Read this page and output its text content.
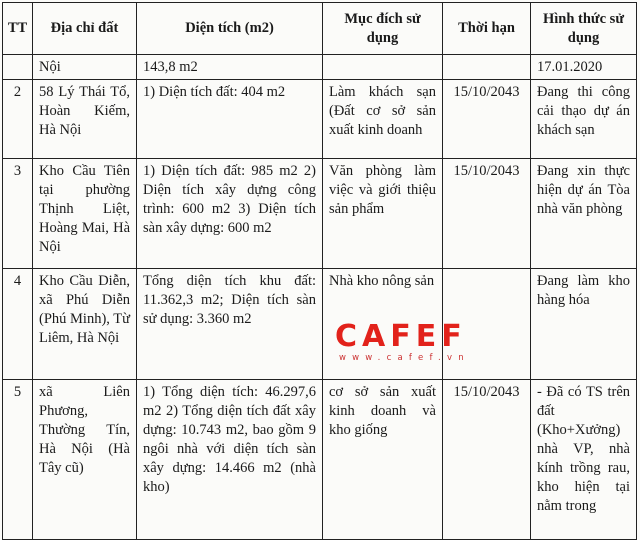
TT	Địa chỉ đất	Diện tích (m2)	Mục đích sử dụng	Thời hạn	Hình thức sử dụng
	Nội	143,8 m2			17.01.2020
2	58 Lý Thái Tổ, Hoàn Kiếm, Hà Nội	1) Diện tích đất: 404 m2	Làm khách sạn (Đất cơ sở sản xuất kinh doanh	15/10/2043	Đang thi công cải thạo dự án khách sạn
3	Kho Cầu Tiên tại phường Thịnh Liệt, Hoàng Mai, Hà Nội	1) Diện tích đất: 985 m2 2) Diện tích xây dựng công trình: 600 m2 3) Diện tích sàn xây dựng: 600 m2	Văn phòng làm việc và giới thiệu sản phẩm	15/10/2043	Đang xin thực hiện dự án Tòa nhà văn phòng
4	Kho Cầu Diễn, xã Phú Diễn (Phú Minh), Từ Liêm, Hà Nội	Tổng diện tích khu đất: 11.362,3 m2; Diện tích sàn sử dụng: 3.360 m2	Nhà kho nông sản		Đang làm kho hàng hóa
5	xã Liên Phương, Thường Tín, Hà Nội (Hà Tây cũ)	1) Tổng diện tích: 46.297,6 m2 2) Tổng diện tích đất xây dựng: 10.743 m2, bao gồm 9 ngôi nhà với diện tích sàn xây dựng: 14.466 m2 (nhà kho)	cơ sở sản xuất kinh doanh và kho giống	15/10/2043	- Đã có TS trên đất (Kho+Xưởng) nhà VP, nhà kính trồng rau, kho hiện tại nằm trong
CAFEF
www.cafef.vn
